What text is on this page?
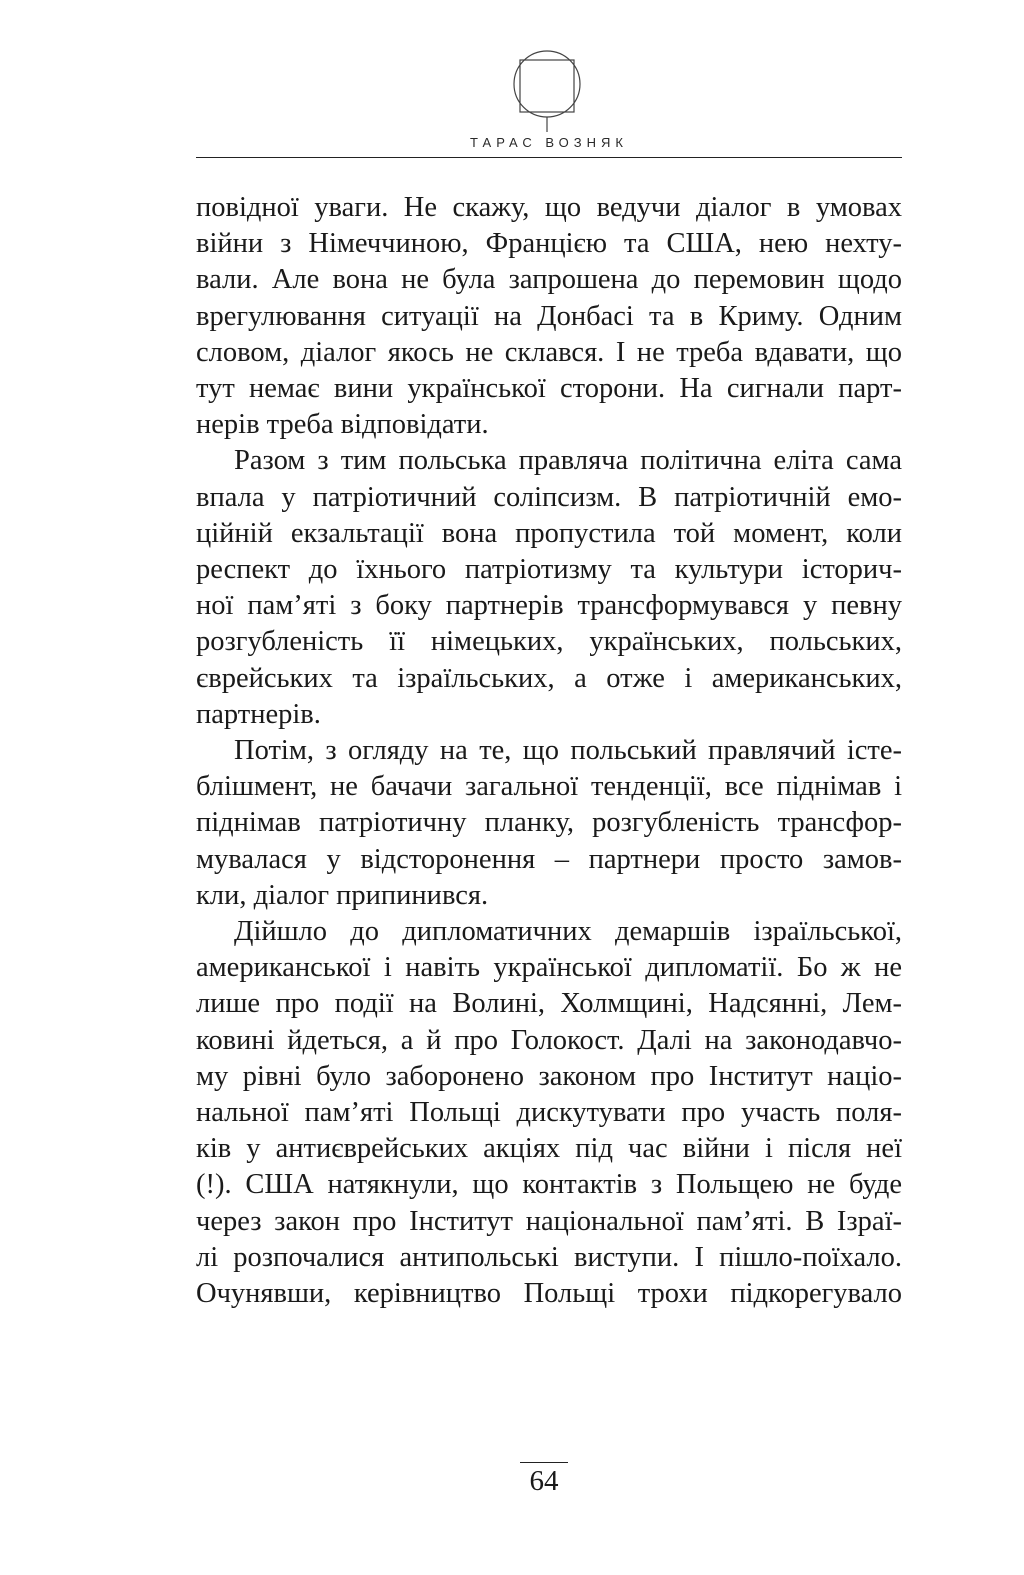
ТАРАС ВОЗНЯК

повідної уваги. Не скажу, що ведучи діалог в умовах
війни з Німеччиною, Францією та США, нею нехту-
вали. Але вона не була запрошена до перемовин щодо
врегулювання ситуації на Донбасі та в Криму. Одним
словом, діалог якось не склався. І не треба вдавати, що
тут немає вини української сторони. На сигнали парт-
нерів треба відповідати.

Разом з тим польська правляча політична еліта сама
впала у патріотичний соліпсизм. В патріотичній емо-
ційній екзальтації вона пропустила той момент, коли
респект до їхнього патріотизму та культури історич-
ної пам’яті з боку партнерів трансформувався у певну
розгубленість її німецьких, українських, польських,
єврейських та ізраїльських, а отже і американських,
партнерів.

Потім, з огляду на те, що польський правлячий істе-
блішмент, не бачачи загальної тенденції, все піднімав і
піднімав патріотичну планку, розгубленість трансфор-
мувалася у відсторонення – партнери просто замов-
кли, діалог припинився.

Дійшло до дипломатичних демаршів ізраїльської,
американської і навіть української дипломатії. Бо ж не
лише про події на Волині, Холмщині, Надсянні, Лем-
ковині йдеться, а й про Голокост. Далі на законодавчо-
му рівні було заборонено законом про Інститут націо-
нальної пам’яті Польщі дискутувати про участь поля-
ків у антиєврейських акціях під час війни і після неї
(!). США натякнули, що контактів з Польщею не буде
через закон про Інститут національної пам’яті. В Ізраї-
лі розпочалися антипольські виступи. І пішло-поїхало.
Очунявши, керівництво Польщі трохи підкорегувало

64
